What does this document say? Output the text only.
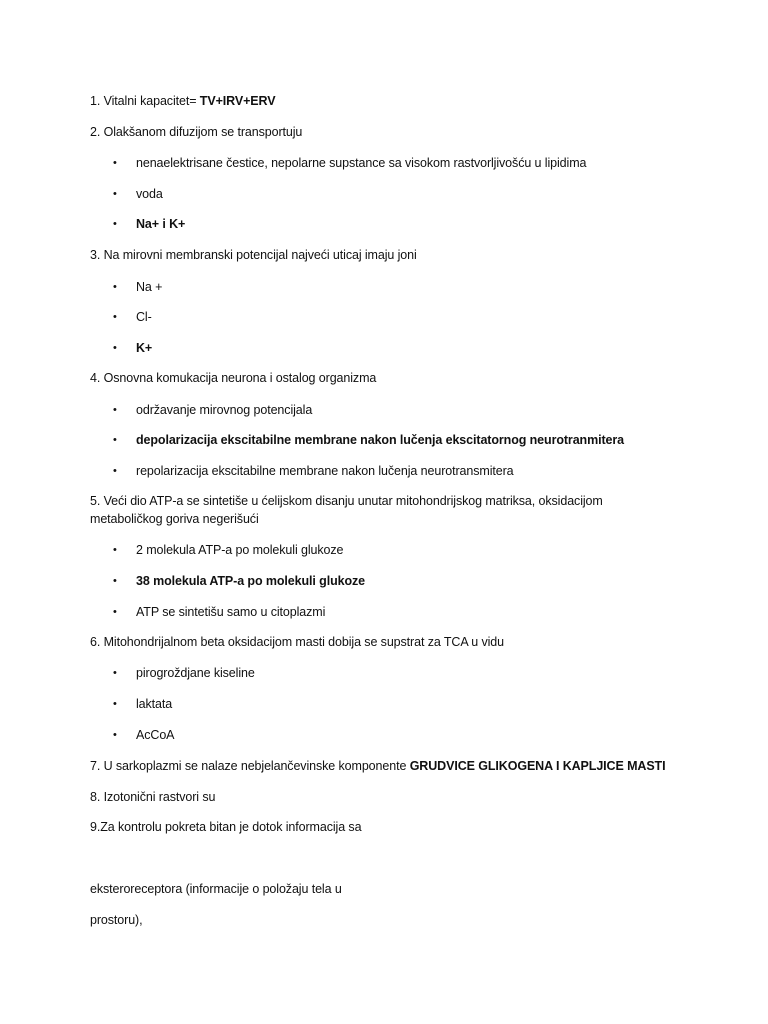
1. Vitalni kapacitet= TV+IRV+ERV
2. Olakšanom difuzijom se transportuju
• nenaelektrisane čestice, nepolarne supstance sa visokom rastvorljivošću u lipidima
• voda
• Na+ i K+
3. Na mirovni membranski potencijal najveći uticaj imaju joni
• Na +
• Cl-
• K+
4. Osnovna komukacija neurona i ostalog organizma
• održavanje mirovnog potencijala
• depolarizacija ekscitabilne membrane nakon lučenja ekscitatornog neurotranmitera
• repolarizacija ekscitabilne membrane nakon lučenja neurotransmitera
5. Veći dio ATP-a se sintetiše u ćelijskom disanju unutar mitohondrijskog matriksa, oksidacijom metaboličkog goriva negerišući
• 2 molekula ATP-a po molekuli glukoze
• 38 molekula ATP-a po molekuli glukoze
• ATP se sintetišu samo u citoplazmi
6. Mitohondrijalnom beta oksidacijom masti dobija se supstrat za TCA u vidu
• pirogroždjane kiseline
• laktata
• AcCoA
7. U sarkoplazmi se nalaze nebjelančevinske komponente GRUDVICE GLIKOGENA I KAPLJICE MASTI
8. Izotonični rastvori su
9.Za kontrolu pokreta bitan je dotok informacija sa
eksteroreceptora (informacije o položaju tela u
prostoru),
